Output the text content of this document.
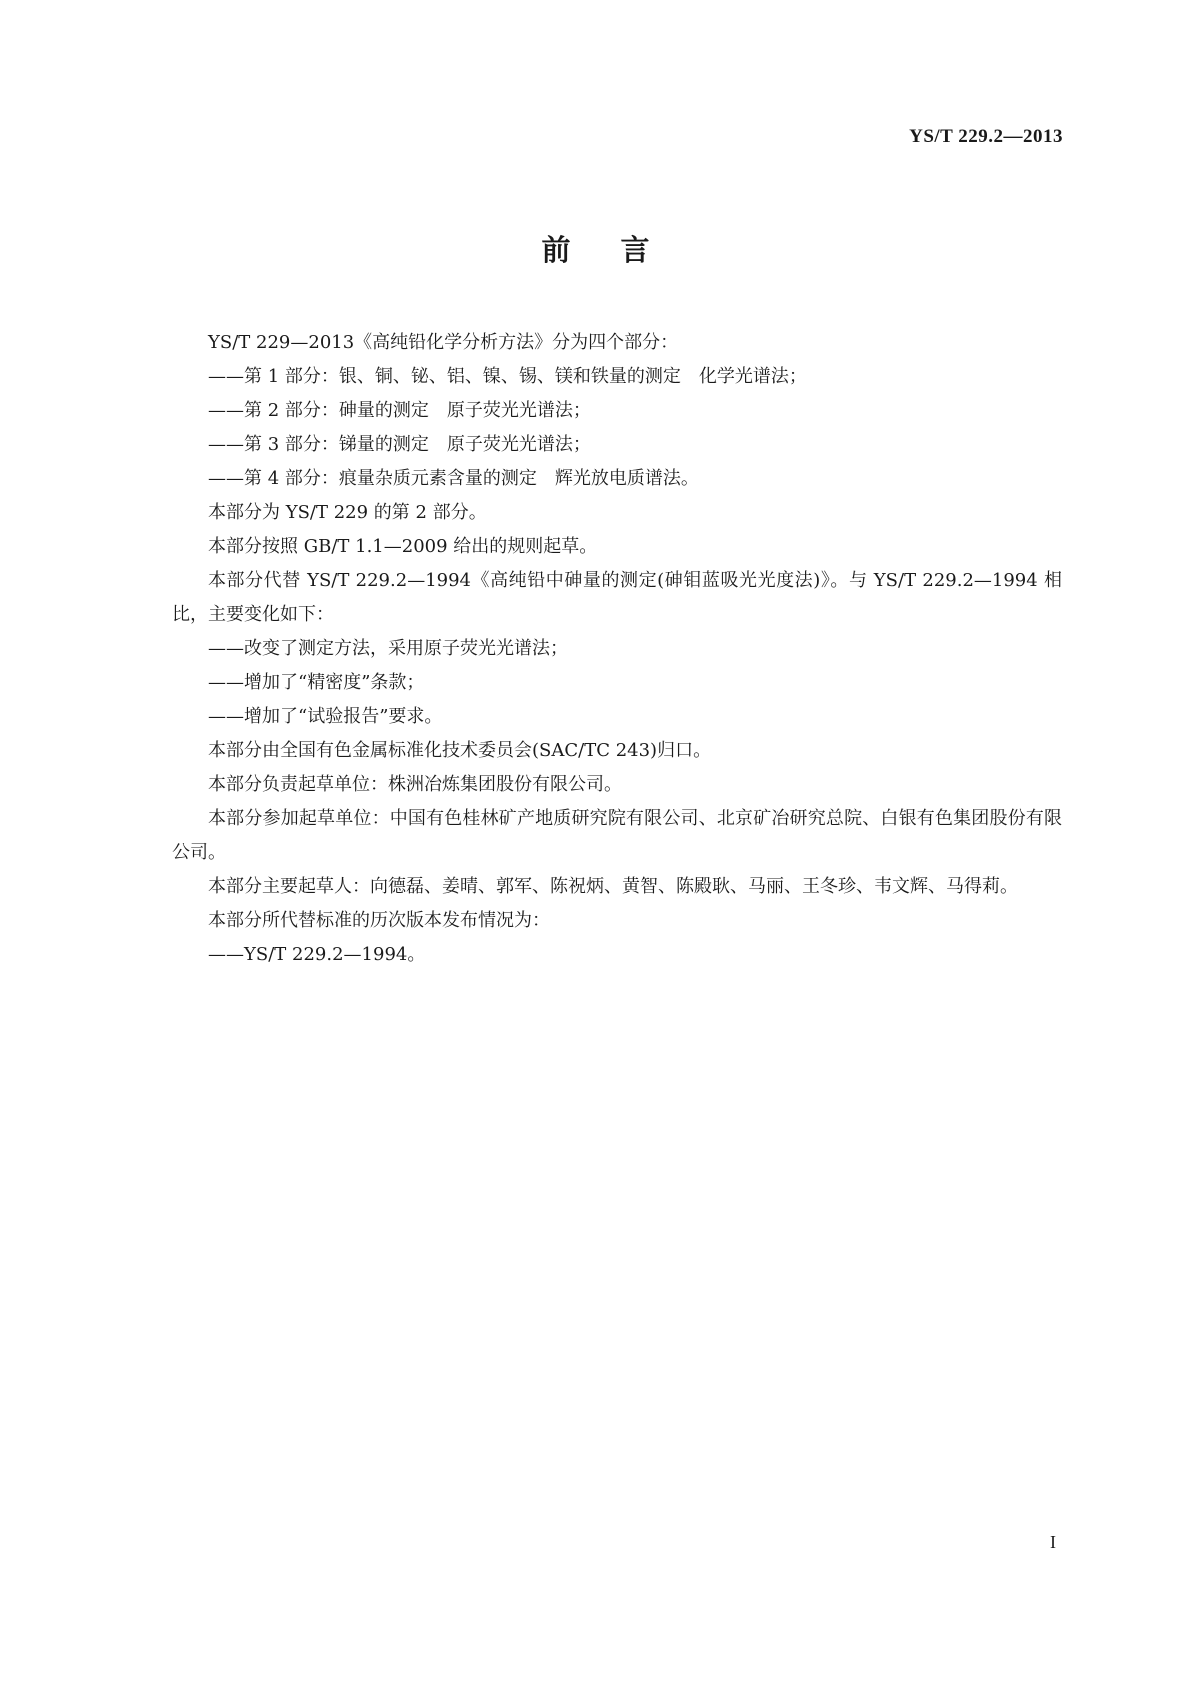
YS/T 229.2—2013
前言

YS/T 229—2013《高纯铅化学分析方法》分为四个部分：

——第 1 部分：银、铜、铋、铝、镍、锡、镁和铁量的测定　化学光谱法；

——第 2 部分：砷量的测定　原子荧光光谱法；

——第 3 部分：锑量的测定　原子荧光光谱法；

——第 4 部分：痕量杂质元素含量的测定　辉光放电质谱法。

本部分为 YS/T 229 的第 2 部分。

本部分按照 GB/T 1.1—2009 给出的规则起草。

本部分代替 YS/T 229.2—1994《高纯铅中砷量的测定(砷钼蓝吸光光度法)》。与 YS/T 229.2—1994 相比，主要变化如下：

——改变了测定方法，采用原子荧光光谱法；

——增加了“精密度”条款；

——增加了“试验报告”要求。

本部分由全国有色金属标准化技术委员会(SAC/TC 243)归口。

本部分负责起草单位：株洲冶炼集团股份有限公司。

本部分参加起草单位：中国有色桂林矿产地质研究院有限公司、北京矿冶研究总院、白银有色集团股份有限公司。

本部分主要起草人：向德磊、姜晴、郭军、陈祝炳、黄智、陈殿耿、马丽、王冬珍、韦文辉、马得莉。

本部分所代替标准的历次版本发布情况为：

——YS/T 229.2—1994。

I
